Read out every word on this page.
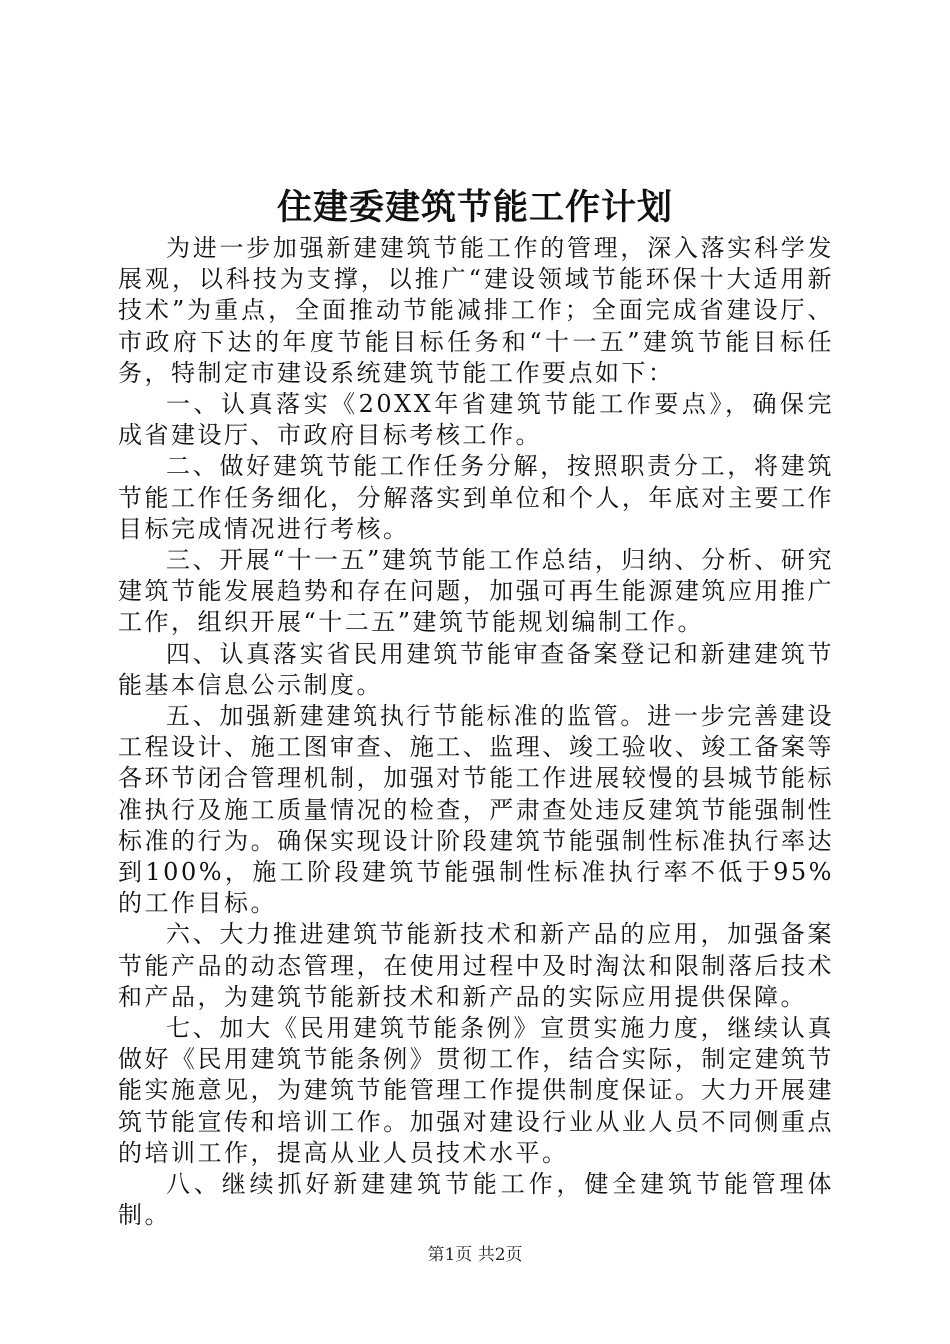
住建委建筑节能工作计划

为进一步加强新建建筑节能工作的管理，深入落实科学发展观，以科技为支撑，以推广“建设领域节能环保十大适用新技术”为重点，全面推动节能减排工作；全面完成省建设厅、市政府下达的年度节能目标任务和“十一五”建筑节能目标任务，特制定市建设系统建筑节能工作要点如下：

一、认真落实《20XX年省建筑节能工作要点》，确保完成省建设厅、市政府目标考核工作。

二、做好建筑节能工作任务分解，按照职责分工，将建筑节能工作任务细化，分解落实到单位和个人，年底对主要工作目标完成情况进行考核。

三、开展“十一五”建筑节能工作总结，归纳、分析、研究建筑节能发展趋势和存在问题，加强可再生能源建筑应用推广工作，组织开展“十二五”建筑节能规划编制工作。

四、认真落实省民用建筑节能审查备案登记和新建建筑节能基本信息公示制度。

五、加强新建建筑执行节能标准的监管。进一步完善建设工程设计、施工图审查、施工、监理、竣工验收、竣工备案等各环节闭合管理机制，加强对节能工作进展较慢的县城节能标准执行及施工质量情况的检查，严肃查处违反建筑节能强制性标准的行为。确保实现设计阶段建筑节能强制性标准执行率达到100%，施工阶段建筑节能强制性标准执行率不低于95%的工作目标。

六、大力推进建筑节能新技术和新产品的应用，加强备案节能产品的动态管理，在使用过程中及时淘汰和限制落后技术和产品，为建筑节能新技术和新产品的实际应用提供保障。

七、加大《民用建筑节能条例》宣贯实施力度，继续认真做好《民用建筑节能条例》贯彻工作，结合实际，制定建筑节能实施意见，为建筑节能管理工作提供制度保证。大力开展建筑节能宣传和培训工作。加强对建设行业从业人员不同侧重点的培训工作，提高从业人员技术水平。

八、继续抓好新建建筑节能工作，健全建筑节能管理体制。

第1页 共2页
